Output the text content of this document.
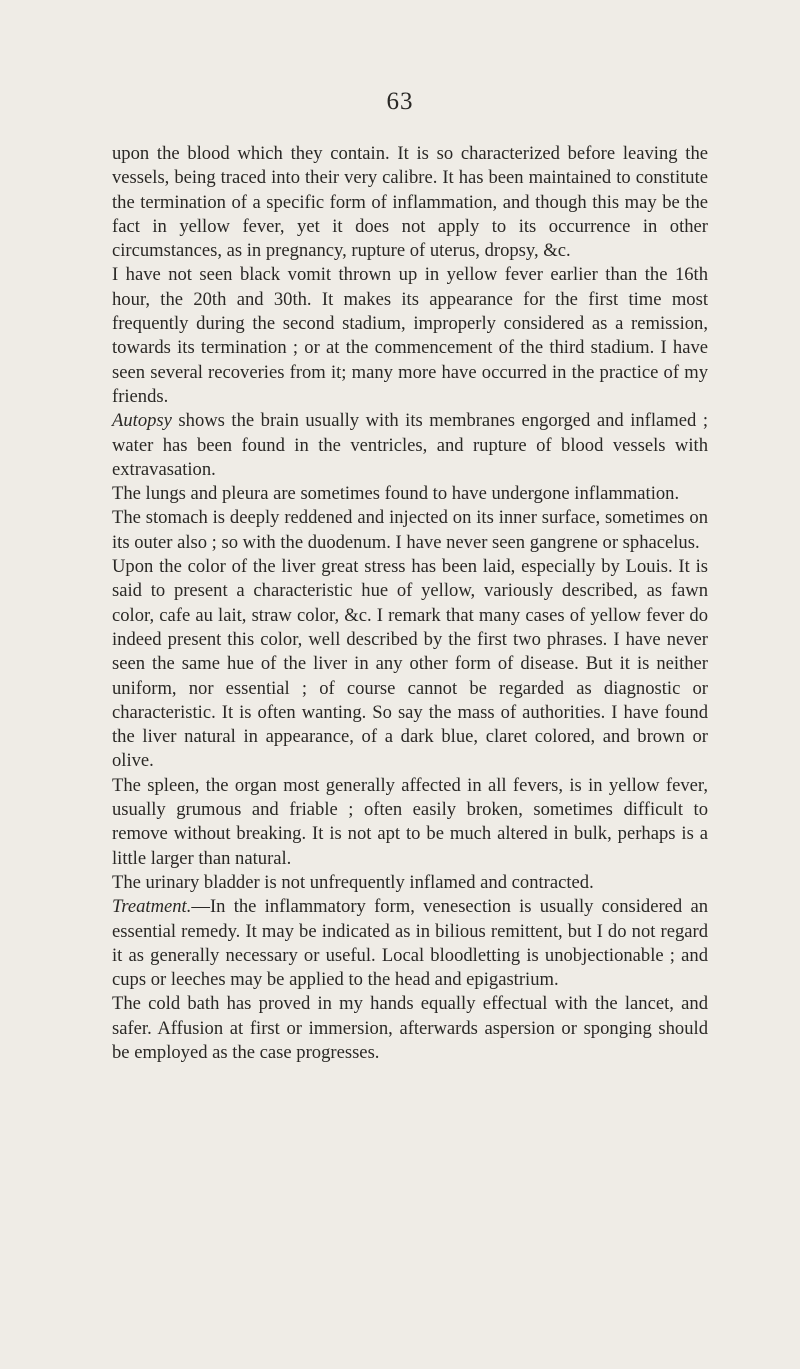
63

upon the blood which they contain. It is so characterized before leaving the vessels, being traced into their very calibre. It has been maintained to constitute the termination of a specific form of inflammation, and though this may be the fact in yellow fever, yet it does not apply to its occurrence in other circumstances, as in pregnancy, rupture of uterus, dropsy, &c.

I have not seen black vomit thrown up in yellow fever earlier than the 16th hour, the 20th and 30th. It makes its appearance for the first time most frequently during the second stadium, improperly considered as a remission, towards its termination ; or at the commencement of the third stadium. I have seen several recoveries from it; many more have occurred in the practice of my friends.

Autopsy shows the brain usually with its membranes engorged and inflamed ; water has been found in the ventricles, and rupture of blood vessels with extravasation.

The lungs and pleura are sometimes found to have undergone inflammation.

The stomach is deeply reddened and injected on its inner surface, sometimes on its outer also ; so with the duodenum. I have never seen gangrene or sphacelus.

Upon the color of the liver great stress has been laid, especially by Louis. It is said to present a characteristic hue of yellow, variously described, as fawn color, cafe au lait, straw color, &c. I remark that many cases of yellow fever do indeed present this color, well described by the first two phrases. I have never seen the same hue of the liver in any other form of disease. But it is neither uniform, nor essential ; of course cannot be regarded as diagnostic or characteristic. It is often wanting. So say the mass of authorities. I have found the liver natural in appearance, of a dark blue, claret colored, and brown or olive.

The spleen, the organ most generally affected in all fevers, is in yellow fever, usually grumous and friable ; often easily broken, sometimes difficult to remove without breaking. It is not apt to be much altered in bulk, perhaps is a little larger than natural.

The urinary bladder is not unfrequently inflamed and contracted.

Treatment.—In the inflammatory form, venesection is usually considered an essential remedy. It may be indicated as in bilious remittent, but I do not regard it as generally necessary or useful. Local bloodletting is unobjectionable ; and cups or leeches may be applied to the head and epigastrium.

The cold bath has proved in my hands equally effectual with the lancet, and safer. Affusion at first or immersion, afterwards aspersion or sponging should be employed as the case progresses.
